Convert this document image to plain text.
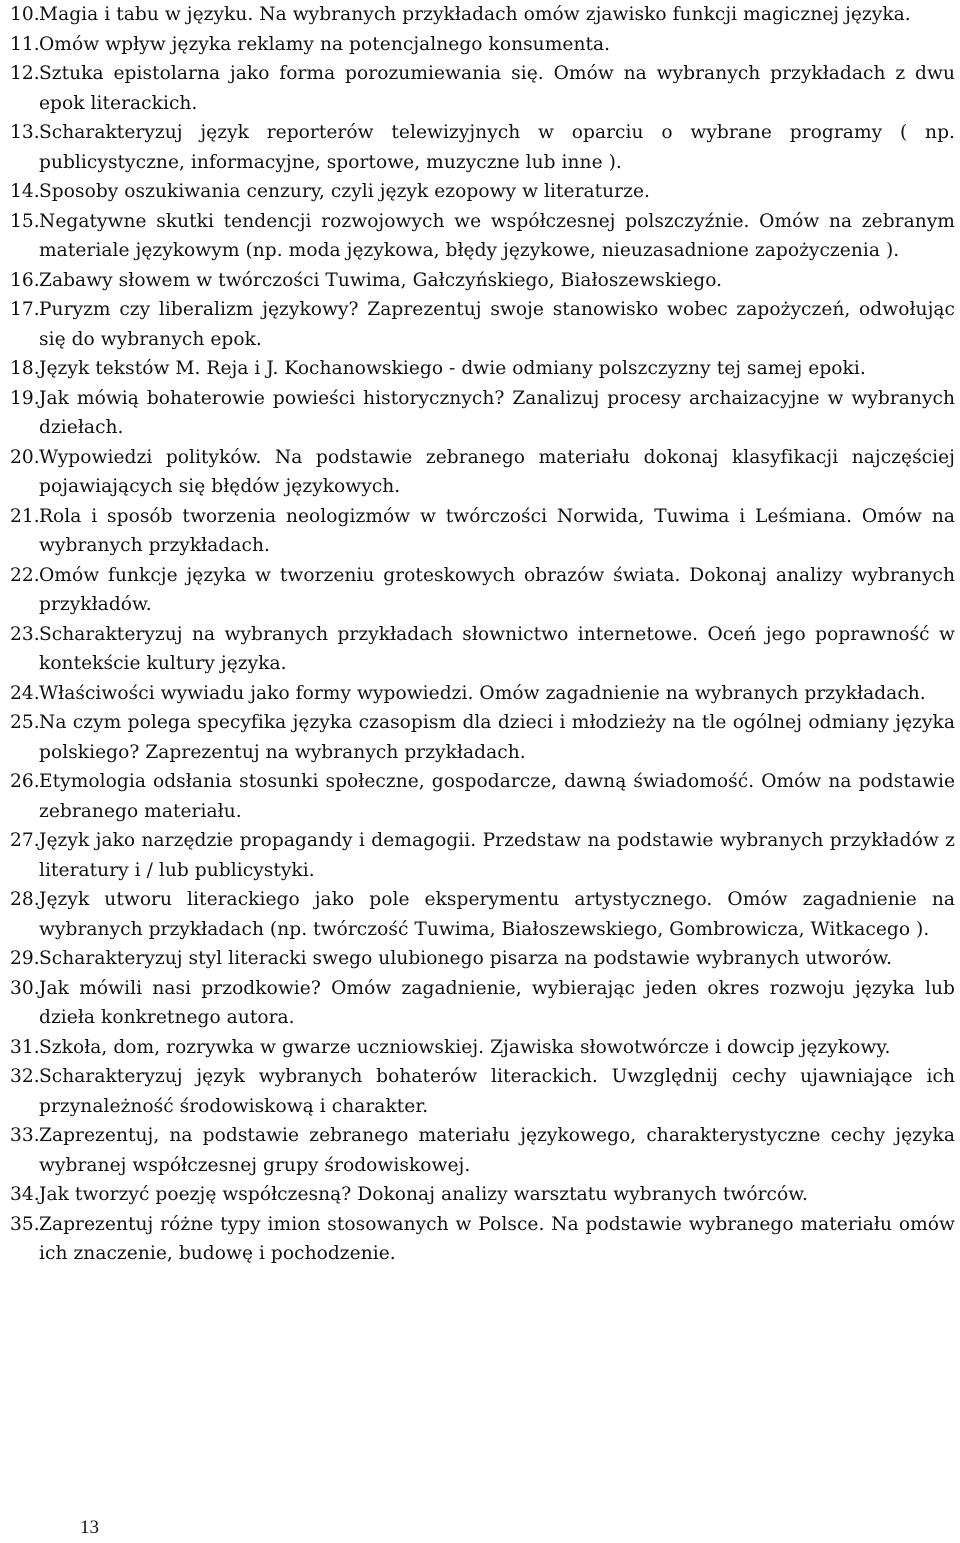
10. Magia i tabu w języku. Na wybranych przykładach omów zjawisko funkcji magicznej języka.
11. Omów wpływ języka reklamy na potencjalnego konsumenta.
12. Sztuka epistolarna jako forma porozumiewania się. Omów na wybranych przykładach z dwu epok literackich.
13. Scharakteryzuj język reporterów telewizyjnych w oparciu o wybrane programy ( np. publicystyczne, informacyjne, sportowe, muzyczne lub inne ).
14. Sposoby oszukiwania cenzury, czyli język ezopowy w literaturze.
15. Negatywne skutki tendencji rozwojowych we współczesnej polszczyźnie. Omów na zebranym materiale językowym (np. moda językowa, błędy językowe, nieuzasadnione zapożyczenia ).
16. Zabawy słowem w twórczości Tuwima, Gałczyńskiego, Białoszewskiego.
17. Puryzm czy liberalizm językowy? Zaprezentuj swoje stanowisko wobec zapożyczeń, odwołując się do wybranych epok.
18. Język tekstów M. Reja i J. Kochanowskiego - dwie odmiany polszczyzny tej samej epoki.
19. Jak mówią bohaterowie powieści historycznych? Zanalizuj procesy archaizacyjne w wybranych dziełach.
20. Wypowiedzi polityków. Na podstawie zebranego materiału dokonaj klasyfikacji najczęściej pojawiających się błędów językowych.
21. Rola i sposób tworzenia neologizmów w twórczości Norwida, Tuwima i Leśmiana. Omów na wybranych przykładach.
22. Omów funkcje języka w tworzeniu groteskowych obrazów świata. Dokonaj analizy wybranych przykładów.
23. Scharakteryzuj na wybranych przykładach słownictwo internetowe. Oceń jego poprawność w kontekście kultury języka.
24. Właściwości wywiadu jako formy wypowiedzi. Omów zagadnienie na wybranych przykładach.
25. Na czym polega specyfika języka czasopism dla dzieci i młodzieży na tle ogólnej odmiany języka polskiego? Zaprezentuj na wybranych przykładach.
26. Etymologia odsłania stosunki społeczne, gospodarcze, dawną świadomość. Omów na podstawie zebranego materiału.
27. Język jako narzędzie propagandy i demagogii. Przedstaw na podstawie wybranych przykładów z literatury i / lub publicystyki.
28. Język utworu literackiego jako pole eksperymentu artystycznego. Omów zagadnienie na wybranych przykładach (np. twórczość Tuwima, Białoszewskiego, Gombrowicza, Witkacego ).
29. Scharakteryzuj styl literacki swego ulubionego pisarza na podstawie wybranych utworów.
30. Jak mówili nasi przodkowie? Omów zagadnienie, wybierając jeden okres rozwoju języka lub dzieła konkretnego autora.
31. Szkoła, dom, rozrywka w gwarze uczniowskiej. Zjawiska słowotwórcze i dowcip językowy.
32. Scharakteryzuj język wybranych bohaterów literackich. Uwzględnij cechy ujawniające ich przynależność środowiskową i charakter.
33. Zaprezentuj, na podstawie zebranego materiału językowego, charakterystyczne cechy języka wybranej współczesnej grupy środowiskowej.
34. Jak tworzyć poezję współczesną? Dokonaj analizy warsztatu wybranych twórców.
35. Zaprezentuj różne typy imion stosowanych w Polsce. Na podstawie wybranego materiału omów ich znaczenie, budowę i pochodzenie.
13
